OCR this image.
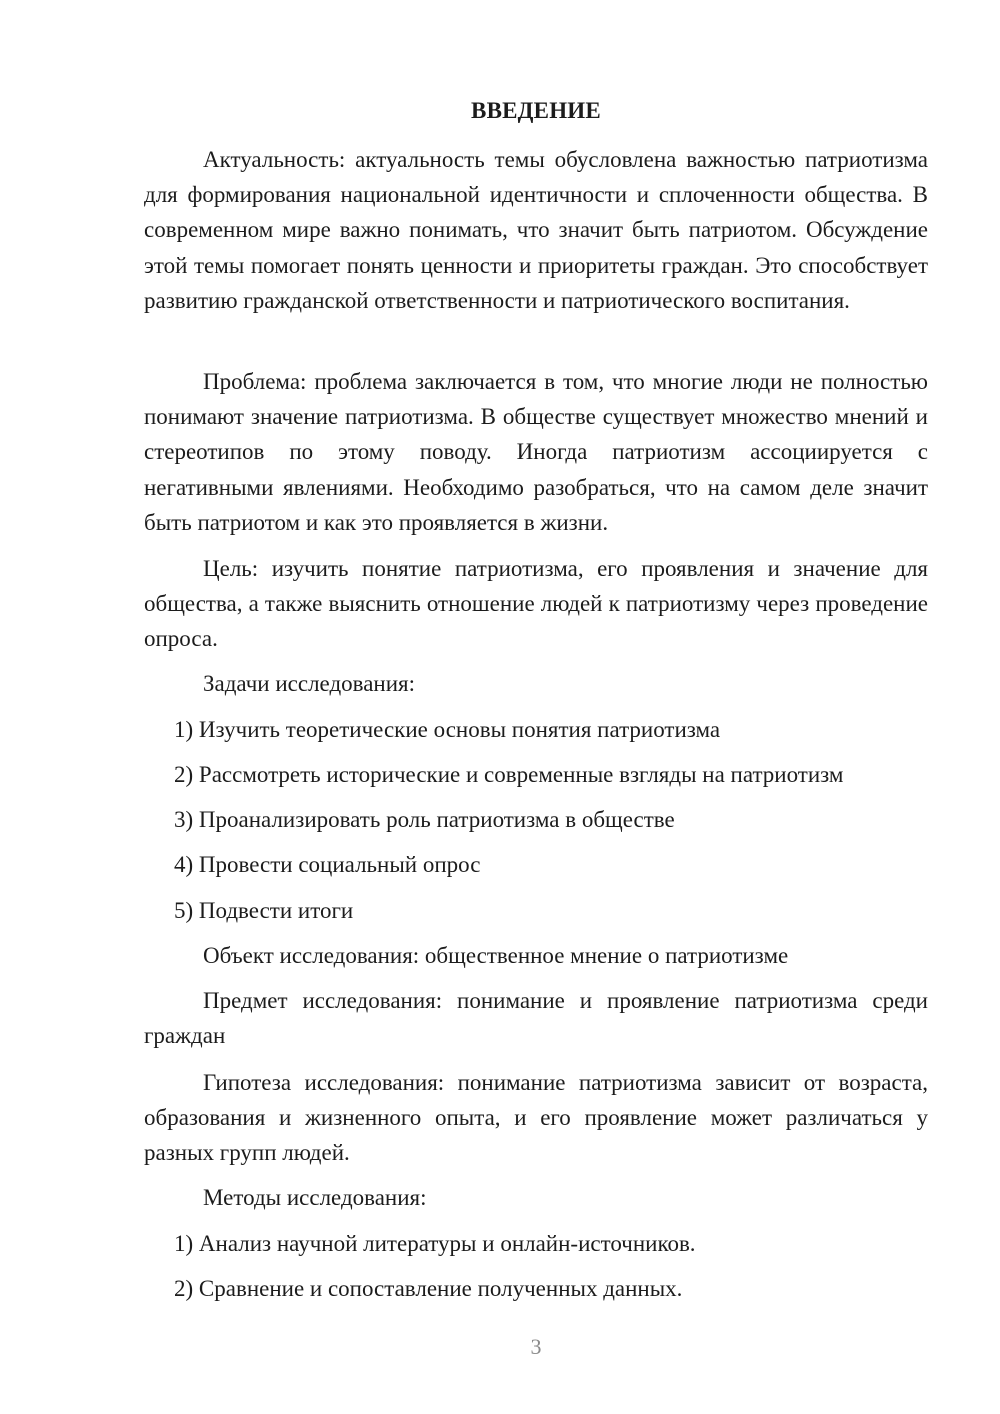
ВВЕДЕНИЕ

Актуальность: актуальность темы обусловлена важностью патриотизма для формирования национальной идентичности и сплоченности общества. В современном мире важно понимать, что значит быть патриотом. Обсуждение этой темы помогает понять ценности и приоритеты граждан. Это способствует развитию гражданской ответственности и патриотического воспитания.

Проблема: проблема заключается в том, что многие люди не полностью понимают значение патриотизма. В обществе существует множество мнений и стереотипов по этому поводу. Иногда патриотизм ассоциируется с негативными явлениями. Необходимо разобраться, что на самом деле значит быть патриотом и как это проявляется в жизни.

Цель: изучить понятие патриотизма, его проявления и значение для общества, а также выяснить отношение людей к патриотизму через проведение опроса.

Задачи исследования:

1) Изучить теоретические основы понятия патриотизма

2) Рассмотреть исторические и современные взгляды на патриотизм

3) Проанализировать роль патриотизма в обществе

4) Провести социальный опрос

5) Подвести итоги

Объект исследования: общественное мнение о патриотизме

Предмет исследования: понимание и проявление патриотизма среди граждан

Гипотеза исследования: понимание патриотизма зависит от возраста, образования и жизненного опыта, и его проявление может различаться у разных групп людей.

Методы исследования:

1) Анализ научной литературы и онлайн-источников.

2) Сравнение и сопоставление полученных данных.

3
